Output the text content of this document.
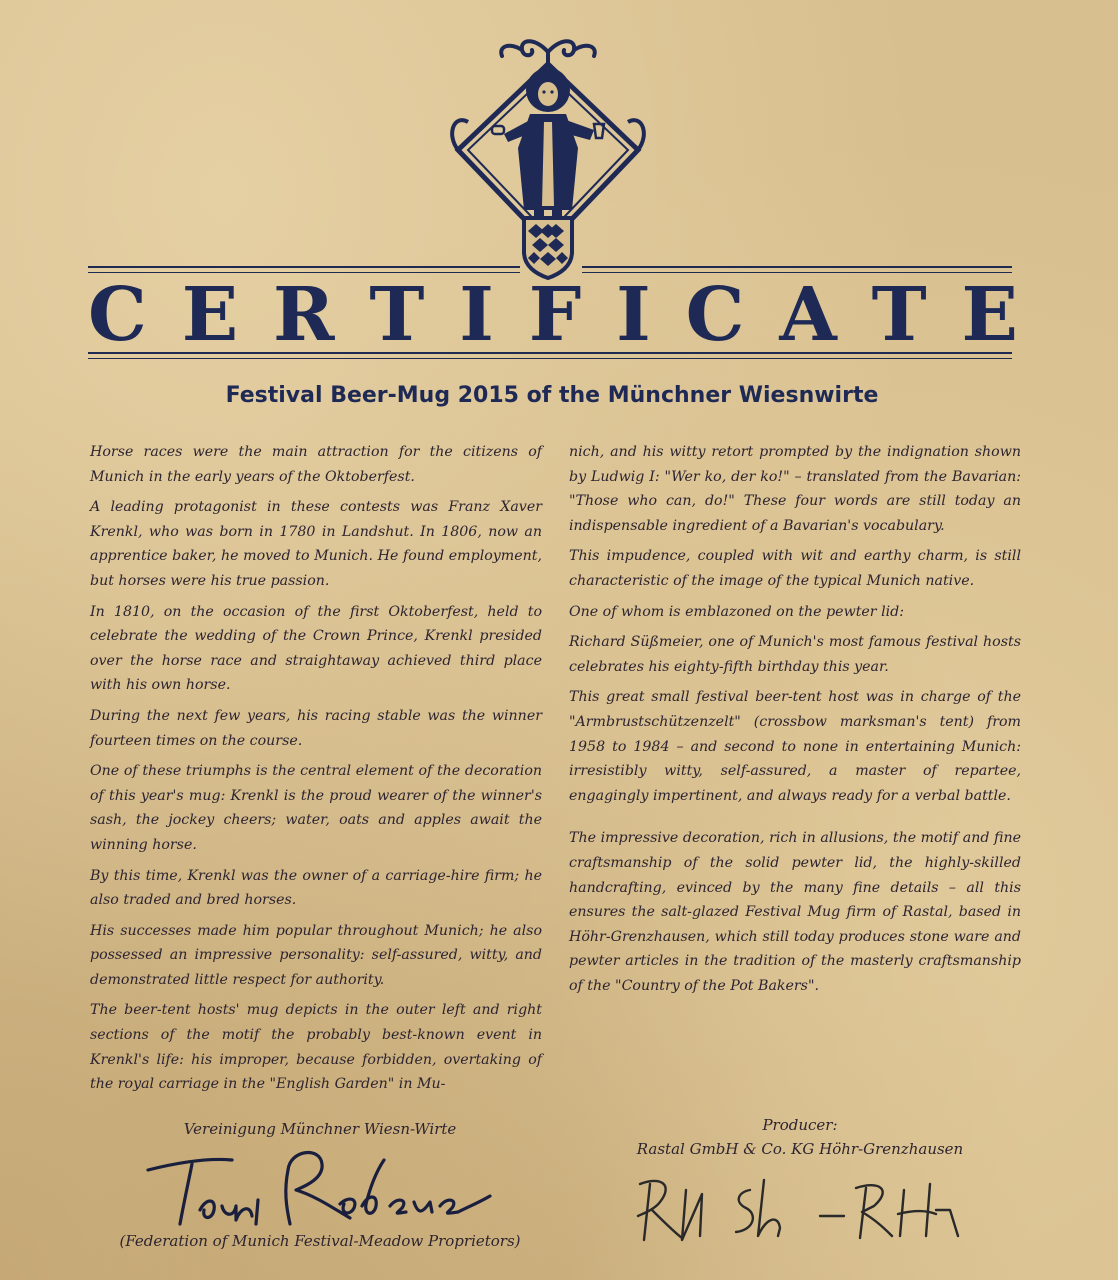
C E R T I F I C A T E
Festival Beer-Mug 2015 of the Münchner Wiesnwirte

Horse races were the main attraction for the citizens of Munich in the early years of the Oktoberfest.

A leading protagonist in these contests was Franz Xaver Krenkl, who was born in 1780 in Landshut. In 1806, now an apprentice baker, he moved to Munich. He found employment, but horses were his true passion.

In 1810, on the occasion of the first Oktoberfest, held to celebrate the wedding of the Crown Prince, Krenkl presided over the horse race and straightaway achieved third place with his own horse.

During the next few years, his racing stable was the winner fourteen times on the course.

One of these triumphs is the central element of the decoration of this year's mug: Krenkl is the proud wearer of the winner's sash, the jockey cheers; water, oats and apples await the winning horse.

By this time, Krenkl was the owner of a carriage-hire firm; he also traded and bred horses.

His successes made him popular throughout Munich; he also possessed an impressive personality: self-assured, witty, and demonstrated little respect for authority.

The beer-tent hosts' mug depicts in the outer left and right sections of the motif the probably best-known event in Krenkl's life: his improper, because forbidden, overtaking of the royal carriage in the "English Garden" in Mu-

nich, and his witty retort prompted by the indignation shown by Ludwig I: "Wer ko, der ko!" – translated from the Bavarian: "Those who can, do!" These four words are still today an indispensable ingredient of a Bavarian's vocabulary.

This impudence, coupled with wit and earthy charm, is still characteristic of the image of the typical Munich native.

One of whom is emblazoned on the pewter lid:

Richard Süßmeier, one of Munich's most famous festival hosts celebrates his eighty-fifth birthday this year.

This great small festival beer-tent host was in charge of the "Armbrustschützenzelt" (crossbow marksman's tent) from 1958 to 1984 – and second to none in entertaining Munich: irresistibly witty, self-assured, a master of repartee, engagingly impertinent, and always ready for a verbal battle.

The impressive decoration, rich in allusions, the motif and fine craftsmanship of the solid pewter lid, the highly-skilled handcrafting, evinced by the many fine details – all this ensures the salt-glazed Festival Mug firm of Rastal, based in Höhr-Grenzhausen, which still today produces stone ware and pewter articles in the tradition of the masterly craftsmanship of the "Country of the Pot Bakers".

Vereinigung Münchner Wiesn-Wirte
(Federation of Munich Festival-Meadow Proprietors)
Producer:
Rastal GmbH & Co. KG Höhr-Grenzhausen
